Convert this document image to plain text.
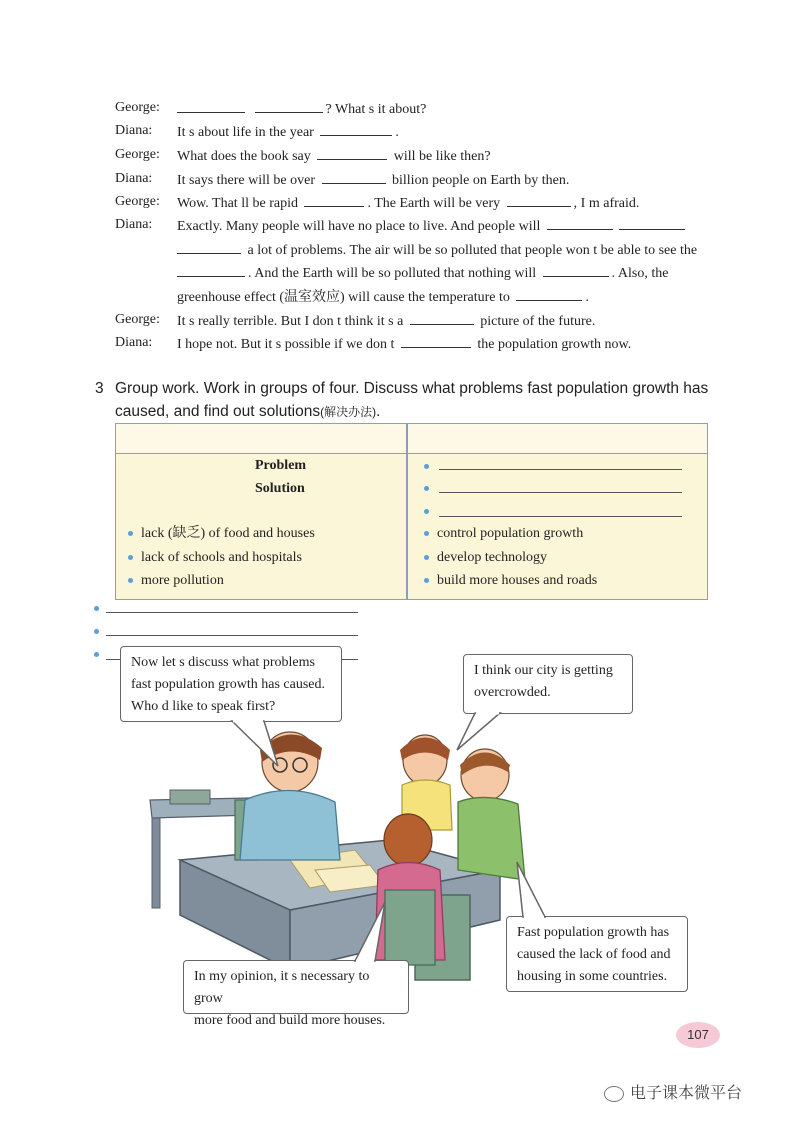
George:	? What s it about?
Diana:	It s about life in the year	.
George:	What does the book say	will be like then?
Diana:	It says there will be over	billion people on Earth by then.
George:	Wow. That ll be rapid	. The Earth will be very	, I m afraid.
Diana:	Exactly. Many people will have no place to live. And people will
a lot of problems. The air will be so polluted that people won t be able to see the
. And the Earth will be so polluted that nothing will	. Also, the
greenhouse effect (温室效应) will cause the temperature to	.
George:	It s really terrible. But I don t think it s a	picture of the future.
Diana:	I hope not. But it s possible if we don t	the population growth now.
3 Group work. Work in groups of four. Discuss what problems fast population growth has
caused, and find out solutions(解决办法).
Problem
Solution
lack (缺乏) of food and houses
lack of schools and hospitals
more pollution
control population growth
develop technology
build more houses and roads
Now let s discuss what problems
fast population growth has caused.
Who d like to speak first?
I think our city is getting
overcrowded.
Fast population growth has
caused the lack of food and
housing in some countries.
In my opinion, it s necessary to grow
more food and build more houses.
107
电子课本微平台
